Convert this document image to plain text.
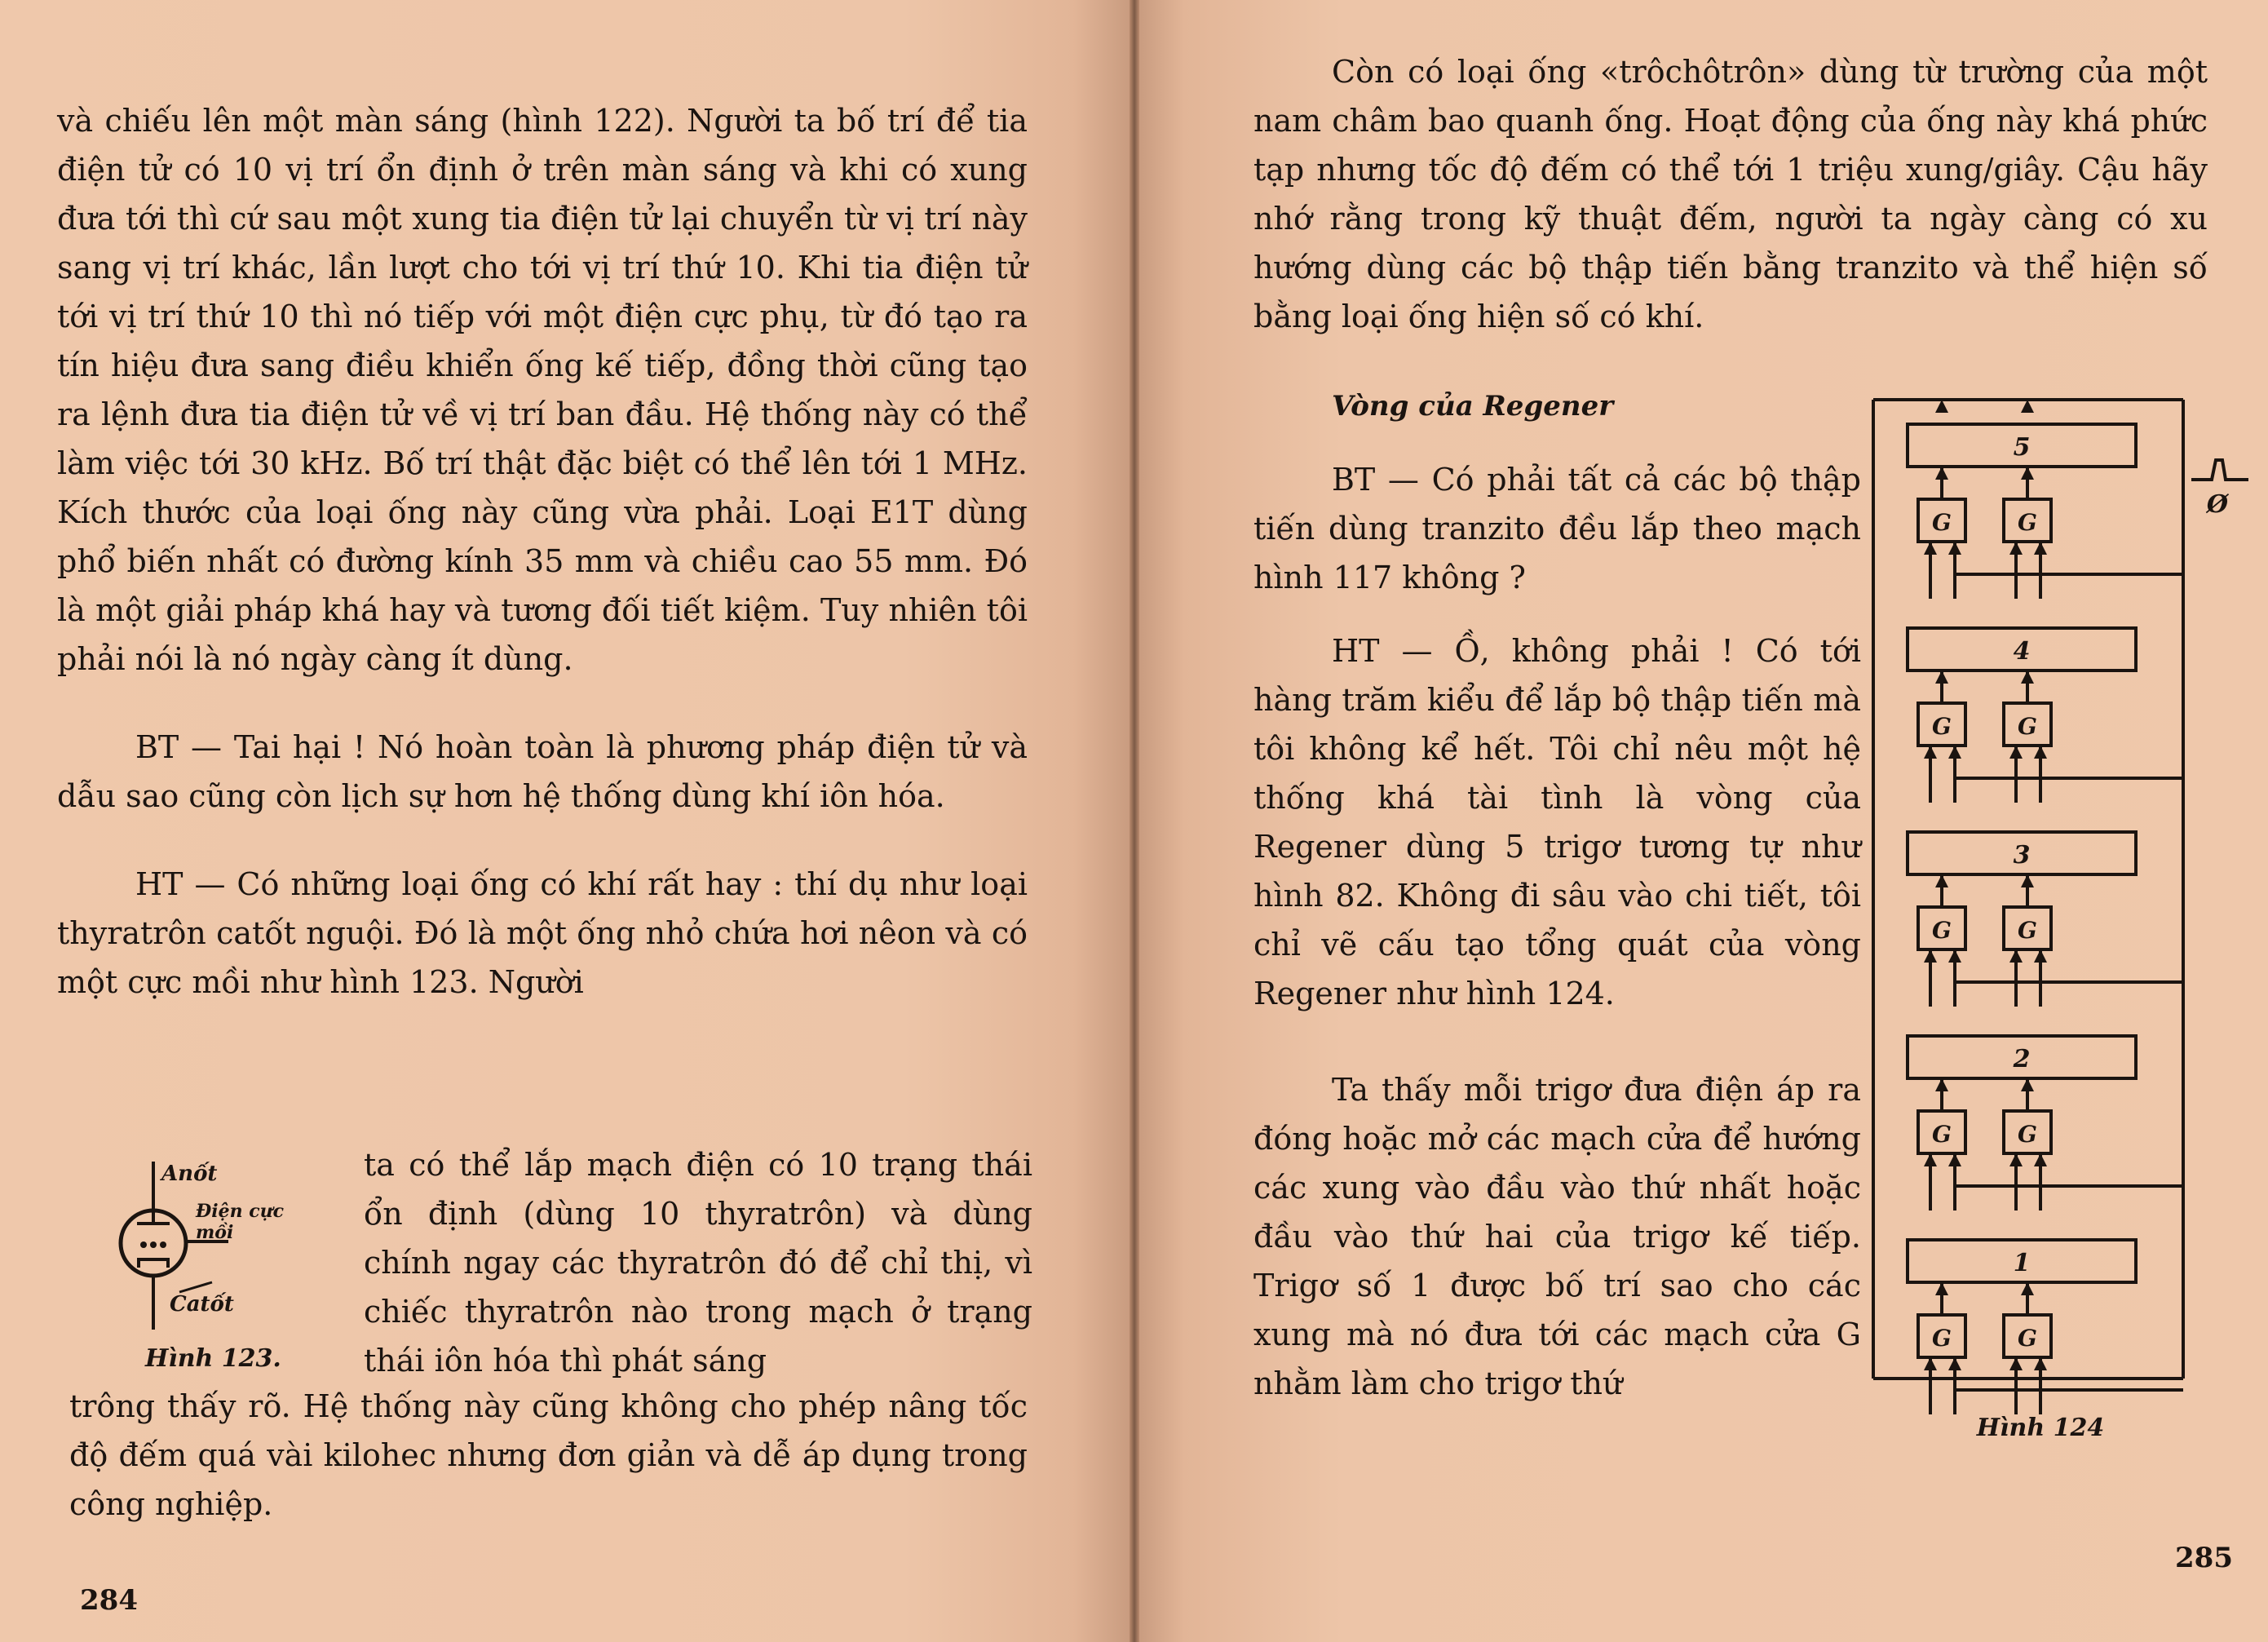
và chiếu lên một màn sáng (hình 122). Người ta bố trí để tia điện tử có 10 vị trí ổn định ở trên màn sáng và khi có xung đưa tới thì cứ sau một xung tia điện tử lại chuyển từ vị trí này sang vị trí khác, lần lượt cho tới vị trí thứ 10. Khi tia điện tử tới vị trí thứ 10 thì nó tiếp với một điện cực phụ, từ đó tạo ra tín hiệu đưa sang điều khiển ống kế tiếp, đồng thời cũng tạo ra lệnh đưa tia điện tử về vị trí ban đầu. Hệ thống này có thể làm việc tới 30 kHz. Bố trí thật đặc biệt có thể lên tới 1 MHz. Kích thước của loại ống này cũng vừa phải. Loại E1T dùng phổ biến nhất có đường kính 35 mm và chiều cao 55 mm. Đó là một giải pháp khá hay và tương đối tiết kiệm. Tuy nhiên tôi phải nói là nó ngày càng ít dùng.

BT — Tai hại ! Nó hoàn toàn là phương pháp điện tử và dẫu sao cũng còn lịch sự hơn hệ thống dùng khí iôn hóa.

HT — Có những loại ống có khí rất hay : thí dụ như loại thyratrôn catốt nguội. Đó là một ống nhỏ chứa hơi nêon và có một cực mồi như hình 123. Người

Anốt
Điện cực mồi
Catốt
Hình 123.

ta có thể lắp mạch điện có 10 trạng thái ổn định (dùng 10 thyratrôn) và dùng chính ngay các thyratrôn đó để chỉ thị, vì chiếc thyratrôn nào trong mạch ở trạng thái iôn hóa thì phát sáng

trông thấy rõ. Hệ thống này cũng không cho phép nâng tốc độ đếm quá vài kilohec nhưng đơn giản và dễ áp dụng trong công nghiệp.

284

Còn có loại ống «trôchôtrôn» dùng từ trường của một nam châm bao quanh ống. Hoạt động của ống này khá phức tạp nhưng tốc độ đếm có thể tới 1 triệu xung/giây. Cậu hãy nhớ rằng trong kỹ thuật đếm, người ta ngày càng có xu hướng dùng các bộ thập tiến bằng tranzito và thể hiện số bằng loại ống hiện số có khí.

Vòng của Regener

BT — Có phải tất cả các bộ thập tiến dùng tranzito đều lắp theo mạch hình 117 không ?

HT — Ồ, không phải ! Có tới hàng trăm kiểu để lắp bộ thập tiến mà tôi không kể hết. Tôi chỉ nêu một hệ thống khá tài tình là vòng của Regener dùng 5 trigơ tương tự như hình 82. Không đi sâu vào chi tiết, tôi chỉ vẽ cấu tạo tổng quát của vòng Regener như hình 124.

Ta thấy mỗi trigơ đưa điện áp ra đóng hoặc mở các mạch cửa để hướng các xung vào đầu vào thứ nhất hoặc đầu vào thứ hai của trigơ kế tiếp. Trigơ số 1 được bố trí sao cho các xung mà nó đưa tới các mạch cửa G nhằm làm cho trigơ thứ

5
G	G
4
G	G
3
G	G
2
G	G
1
G	G
Ø
Hình 124
285
